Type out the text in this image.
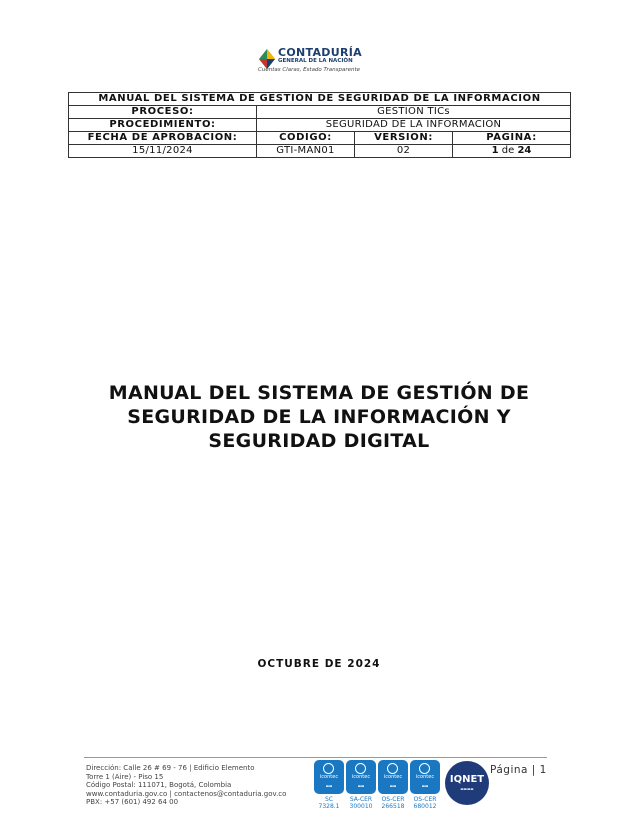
CONTADURÍA
GENERAL DE LA NACIÓN
Cuentas Claras, Estado Transparente
MANUAL DEL SISTEMA DE GESTIÓN DE SEGURIDAD DE LA INFORMACIÓN			
PROCESO:	GESTIÓN TICs		
PROCEDIMIENTO:	SEGURIDAD DE LA INFORMACIÓN		
FECHA DE APROBACIÓN:	CÓDIGO:	VERSIÓN:	PÁGINA:
15/11/2024	GTI-MAN01	02	1 de 24
MANUAL DEL SISTEMA DE GESTIÓN DE
SEGURIDAD DE LA INFORMACIÓN Y
SEGURIDAD DIGITAL
OCTUBRE DE 2024
Dirección: Calle 26 # 69 - 76 | Edificio Elemento
Torre 1 (Aire) - Piso 15
Código Postal: 111071, Bogotá, Colombia
www.contaduria.gov.co | contactenos@contaduria.gov.co
PBX: +57 (601) 492 64 00
icontec
▬▬
SC
7328.1
icontec
▬▬
SA-CER
300010
icontec
▬▬
OS-CER
266518
icontec
▬▬
OS-CER
680012
IQNET
▬▬▬▬
Página | 1
